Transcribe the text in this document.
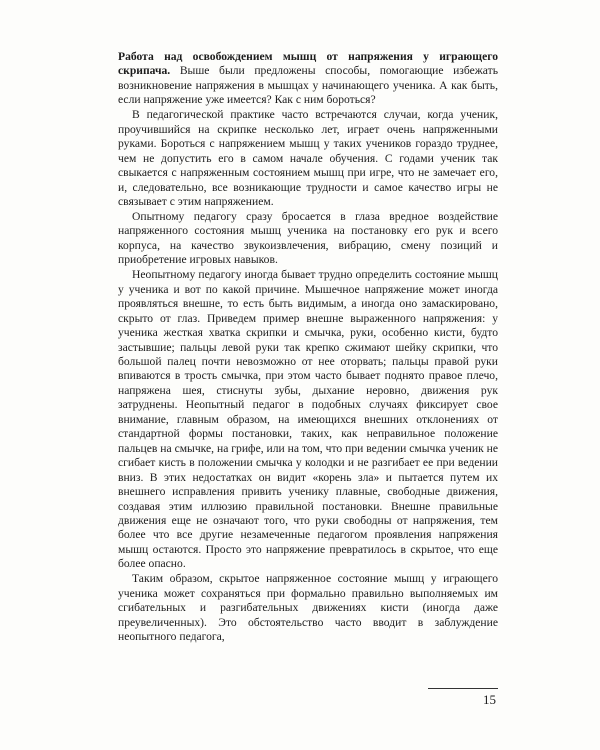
Работа над освобождением мышц от напряжения у играющего скрипача. Выше были предложены способы, помогающие избежать возникновение напряжения в мышцах у начинающего ученика. А как быть, если напряжение уже имеется? Как с ним бороться?

В педагогической практике часто встречаются случаи, когда ученик, проучившийся на скрипке несколько лет, играет очень напряженными руками. Бороться с напряжением мышц у таких учеников гораздо труднее, чем не допустить его в самом начале обучения. С годами ученик так свыкается с напряженным состоянием мышц при игре, что не замечает его, и, следовательно, все возникающие трудности и самое качество игры не связывает с этим напряжением.

Опытному педагогу сразу бросается в глаза вредное воздействие напряженного состояния мышц ученика на постановку его рук и всего корпуса, на качество звукоизвлечения, вибрацию, смену позиций и приобретение игровых навыков.

Неопытному педагогу иногда бывает трудно определить состояние мышц у ученика и вот по какой причине. Мышечное напряжение может иногда проявляться внешне, то есть быть видимым, а иногда оно замаскировано, скрыто от глаз. Приведем пример внешне выраженного напряжения: у ученика жесткая хватка скрипки и смычка, руки, особенно кисти, будто застывшие; пальцы левой руки так крепко сжимают шейку скрипки, что большой палец почти невозможно от нее оторвать; пальцы правой руки впиваются в трость смычка, при этом часто бывает поднято правое плечо, напряжена шея, стиснуты зубы, дыхание неровно, движения рук затруднены. Неопытный педагог в подобных случаях фиксирует свое внимание, главным образом, на имеющихся внешних отклонениях от стандартной формы постановки, таких, как неправильное положение пальцев на смычке, на грифе, или на том, что при ведении смычка ученик не сгибает кисть в положении смычка у колодки и не разгибает ее при ведении вниз. В этих недостатках он видит «корень зла» и пытается путем их внешнего исправления привить ученику плавные, свободные движения, создавая этим иллюзию правильной постановки. Внешне правильные движения еще не означают того, что руки свободны от напряжения, тем более что все другие незамеченные педагогом проявления напряжения мышц остаются. Просто это напряжение превратилось в скрытое, что еще более опасно.

Таким образом, скрытое напряженное состояние мышц у играющего ученика может сохраняться при формально правильно выполняемых им сгибательных и разгибательных движениях кисти (иногда даже преувеличенных). Это обстоятельство часто вводит в заблуждение неопытного педагога,

15
